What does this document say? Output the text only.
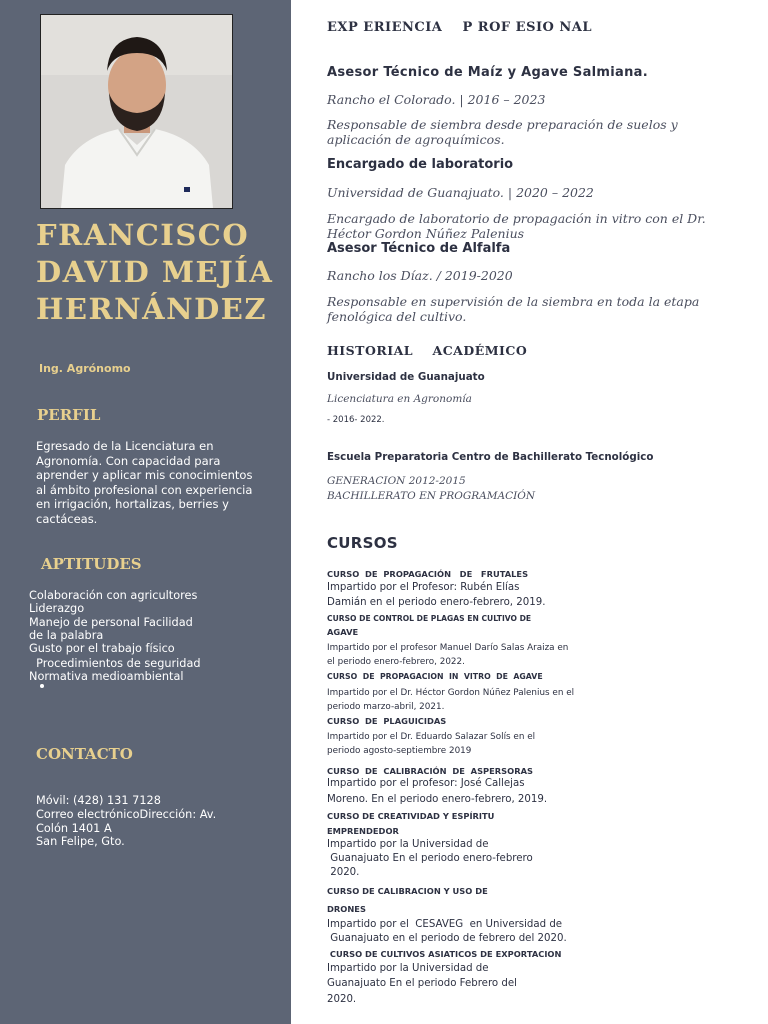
FRANCISCO
DAVID MEJÍA
HERNÁNDEZ
Ing. Agrónomo
PERFIL
Egresado de la Licenciatura en
Agronomía. Con capacidad para
aprender y aplicar mis conocimientos
al ámbito profesional con experiencia
en irrigación, hortalizas, berries y
cactáceas.
APTITUDES
Colaboración con agricultores
Liderazgo
Manejo de personal Facilidad
de la palabra
Gusto por el trabajo físico
Procedimientos de seguridad
Normativa medioambiental
CONTACTO
Móvil: (428) 131 7128
Correo electrónicoDirección: Av.
Colón 1401 A
San Felipe, Gto.
EXP ERIENCIA    P ROF ESIO NAL
Asesor Técnico de Maíz y Agave Salmiana.
Rancho el Colorado. | 2016 – 2023
Responsable de siembra desde preparación de suelos y
aplicación de agroquímicos.
Encargado de laboratorio
Universidad de Guanajuato. | 2020 – 2022
Encargado de laboratorio de propagación in vitro con el Dr.
Héctor Gordon Núñez Palenius
Asesor Técnico de Alfalfa
Rancho los Díaz. / 2019-2020
Responsable en supervisión de la siembra en toda la etapa
fenológica del cultivo.
HISTORIAL    ACADÉMICO
Universidad de Guanajuato
Licenciatura en Agronomía
- 2016- 2022.
Escuela Preparatoria Centro de Bachillerato Tecnológico
GENERACION 2012-2015
BACHILLERATO EN PROGRAMACIÓN
CURSOS
CURSO  DE  PROPAGACIÓN   DE   FRUTALES
Impartido por el Profesor: Rubén Elías
Damián en el periodo enero-febrero, 2019.
CURSO DE CONTROL DE PLAGAS EN CULTIVO DE
AGAVE
Impartido por el profesor Manuel Darío Salas Araiza en
el periodo enero-febrero, 2022.
CURSO  DE  PROPAGACION  IN  VITRO  DE  AGAVE
Impartido por el Dr. Héctor Gordon Núñez Palenius en el
periodo marzo-abril, 2021.
CURSO  DE  PLAGUICIDAS
Impartido por el Dr. Eduardo Salazar Solís en el
periodo agosto-septiembre 2019
CURSO  DE  CALIBRACIÓN  DE  ASPERSORAS
Impartido por el profesor: José Callejas
Moreno. En el periodo enero-febrero, 2019.
CURSO DE CREATIVIDAD Y ESPÍRITU
EMPRENDEDOR
Impartido por la Universidad de
Guanajuato En el periodo enero-febrero
2020.
CURSO DE CALIBRACION Y USO DE
DRONES
Impartido por el  CESAVEG  en Universidad de
Guanajuato en el periodo de febrero del 2020.
CURSO DE CULTIVOS ASIATICOS DE EXPORTACION
Impartido por la Universidad de
Guanajuato En el periodo Febrero del
2020.
